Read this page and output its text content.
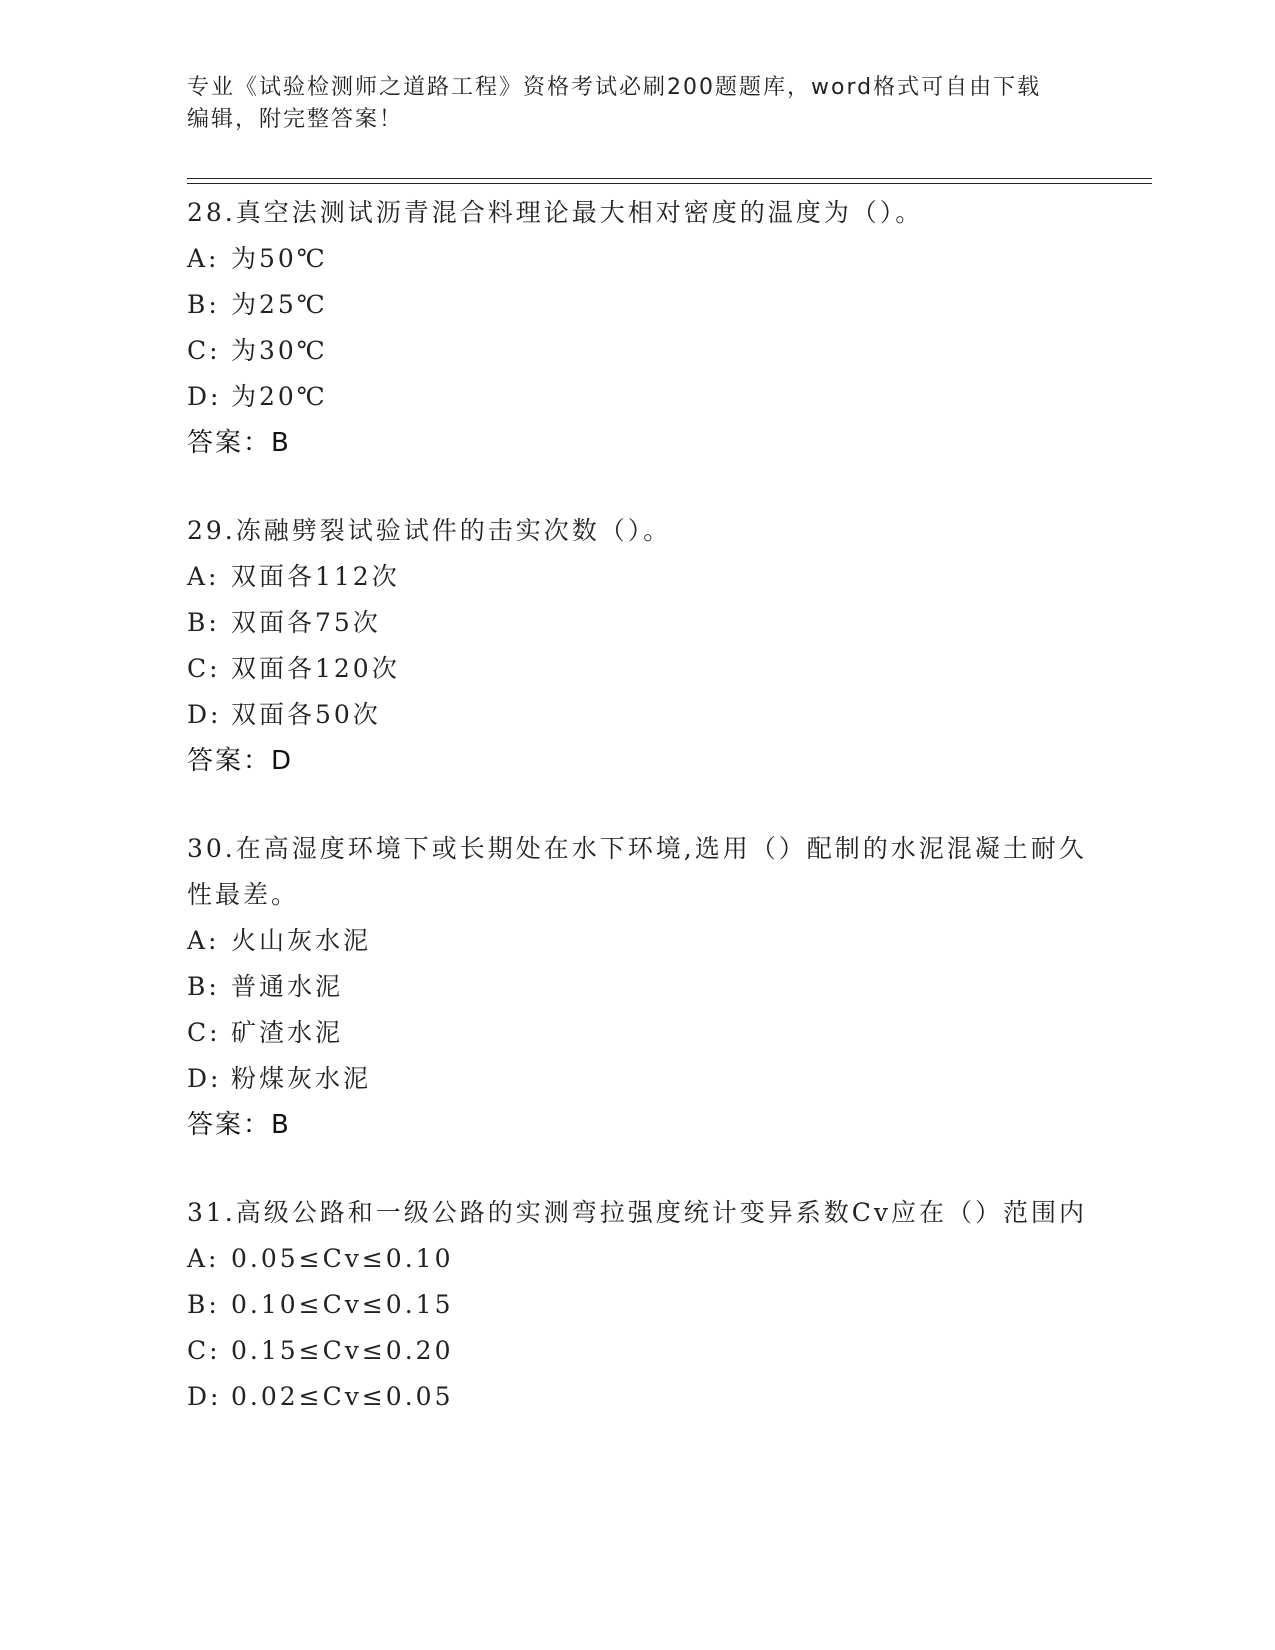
专业《试验检测师之道路工程》资格考试必刷200题题库，word格式可自由下载
编辑，附完整答案！
28.真空法测试沥青混合料理论最大相对密度的温度为（）。
A: 为50℃
B: 为25℃
C: 为30℃
D: 为20℃
答案：B
29.冻融劈裂试验试件的击实次数（）。
A: 双面各112次
B: 双面各75次
C: 双面各120次
D: 双面各50次
答案：D
30.在高湿度环境下或长期处在水下环境,选用（）配制的水泥混凝土耐久性最差。
A: 火山灰水泥
B: 普通水泥
C: 矿渣水泥
D: 粉煤灰水泥
答案：B
31.高级公路和一级公路的实测弯拉强度统计变异系数Cv应在（）范围内
A: 0.05≤Cv≤0.10
B: 0.10≤Cv≤0.15
C: 0.15≤Cv≤0.20
D: 0.02≤Cv≤0.05
